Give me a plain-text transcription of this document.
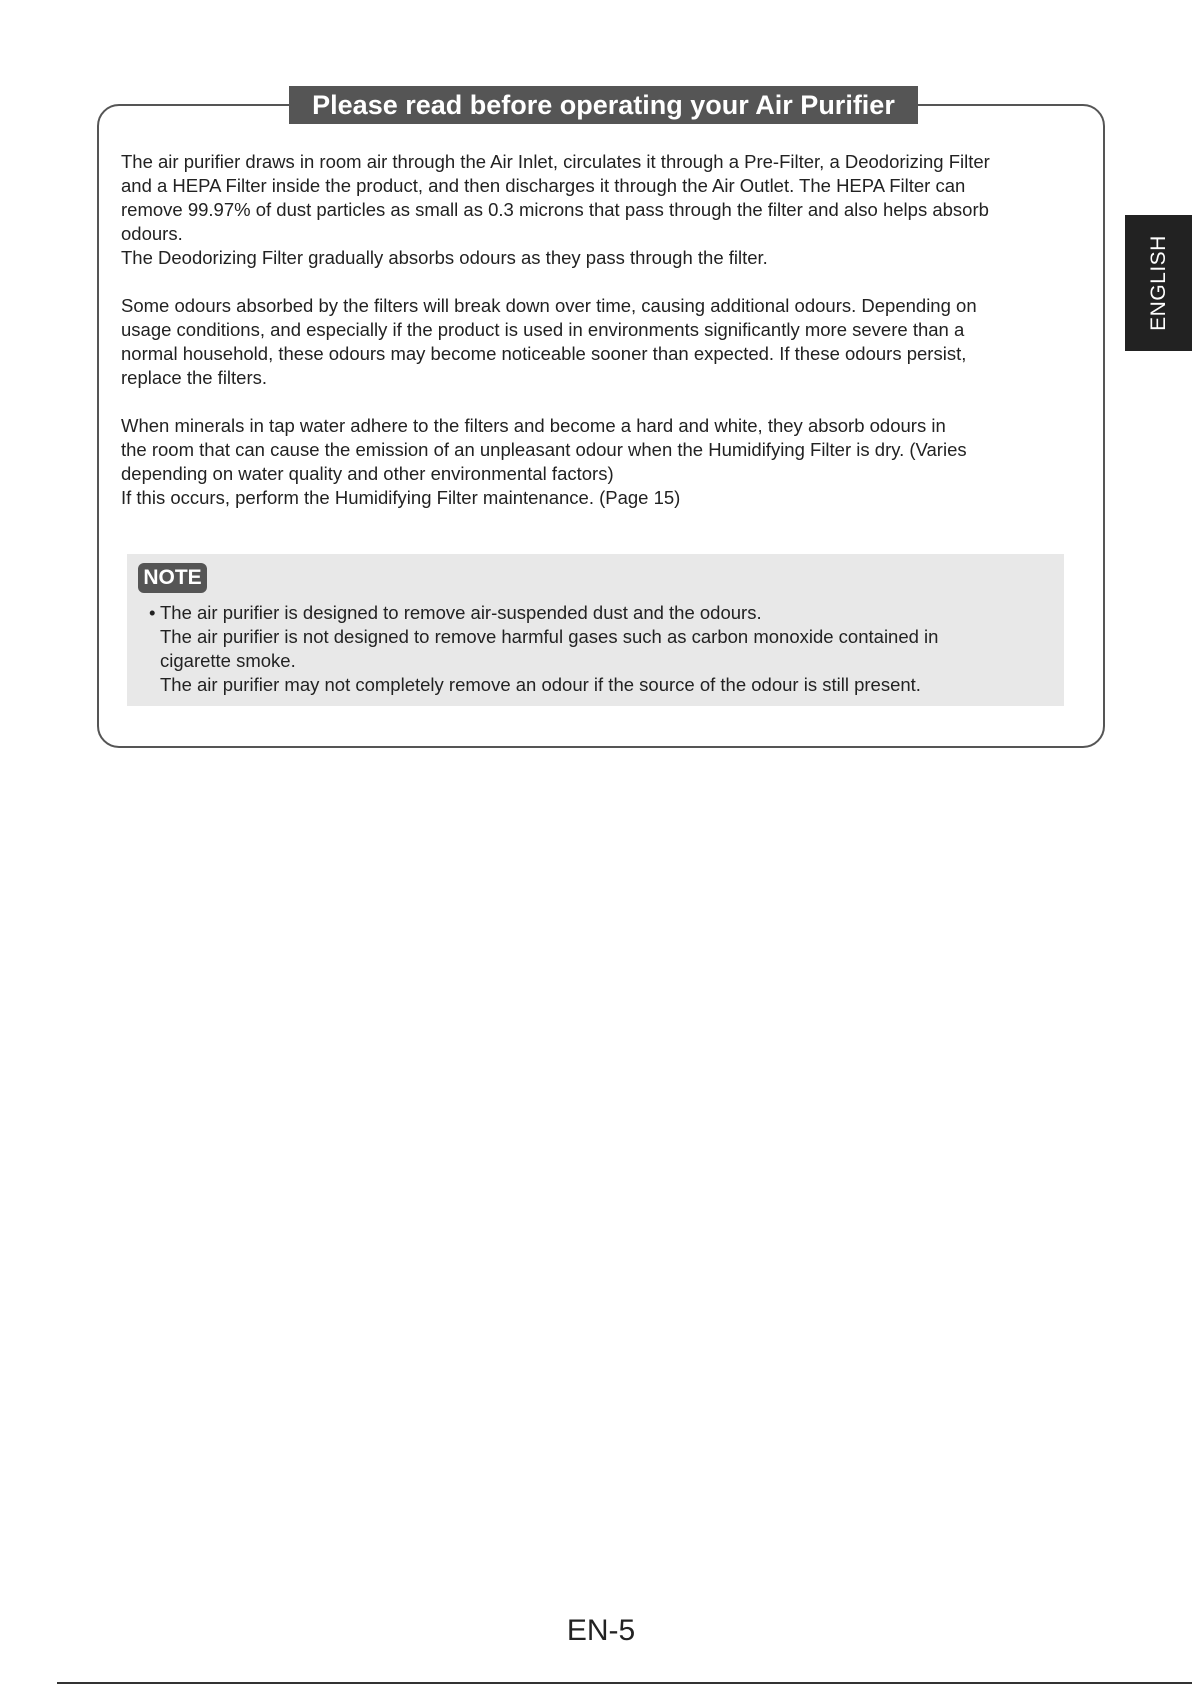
Please read before operating your Air Purifier

The air purifier draws in room air through the Air Inlet, circulates it through a Pre-Filter, a Deodorizing Filter
and a HEPA Filter inside the product, and then discharges it through the Air Outlet. The HEPA Filter can
remove 99.97% of dust particles as small as 0.3 microns that pass through the filter and also helps absorb
odours.
The Deodorizing Filter gradually absorbs odours as they pass through the filter.

Some odours absorbed by the filters will break down over time, causing additional odours. Depending on
usage conditions, and especially if the product is used in environments significantly more severe than a
normal household, these odours may become noticeable sooner than expected. If these odours persist,
replace the filters.

When minerals in tap water adhere to the filters and become a hard and white, they absorb odours in
the room that can cause the emission of an unpleasant odour when the Humidifying Filter is dry. (Varies
depending on water quality and other environmental factors)
If this occurs, perform the Humidifying Filter maintenance. (Page 15)

NOTE
• The air purifier is designed to remove air-suspended dust and the odours.
The air purifier is not designed to remove harmful gases such as carbon monoxide contained in
cigarette smoke.
The air purifier may not completely remove an odour if the source of the odour is still present.
ENGLISH
EN-5
